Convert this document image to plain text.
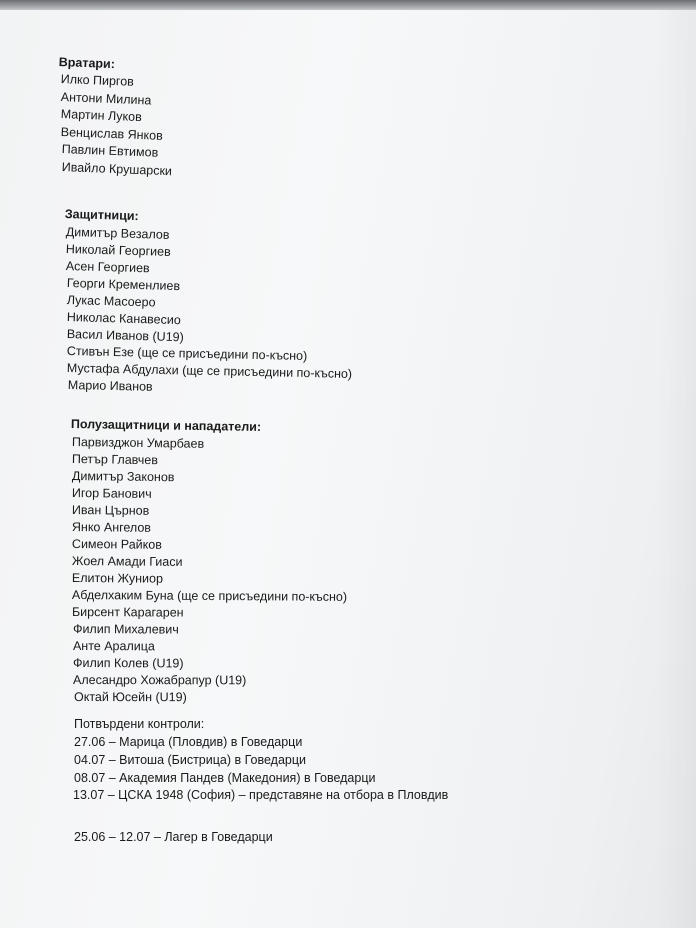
Вратари:
Илко Пиргов
Антони Милина
Мартин Луков
Венцислав Янков
Павлин Евтимов
Ивайло Крушарски
Защитници:
Димитър Везалов
Николай Георгиев
Асен Георгиев
Георги Кременлиев
Лукас Масоеро
Николас Канавесио
Васил Иванов (U19)
Стивън Езе (ще се присъедини по-късно)
Мустафа Абдулахи (ще се присъедини по-късно)
Марио Иванов
Полузащитници и нападатели:
Парвизджон Умарбаев
Петър Главчев
Димитър Законов
Игор Банович
Иван Църнов
Янко Ангелов
Симеон Райков
Жоел Амади Гиаси
Елитон Жуниор
Абделхаким Буна (ще се присъедини по-късно)
Бирсент Карагарен
Филип Михалевич
Анте Аралица
Филип Колев (U19)
Алесандро Хожабрапур (U19)
Октай Юсейн (U19)
Потвърдени контроли:
27.06 – Марица (Пловдив) в Говедарци
04.07 – Витоша (Бистрица) в Говедарци
08.07 – Академия Пандев (Македония) в Говедарци
13.07 – ЦСКА 1948 (София) – представяне на отбора в Пловдив
25.06 – 12.07 – Лагер в Говедарци
